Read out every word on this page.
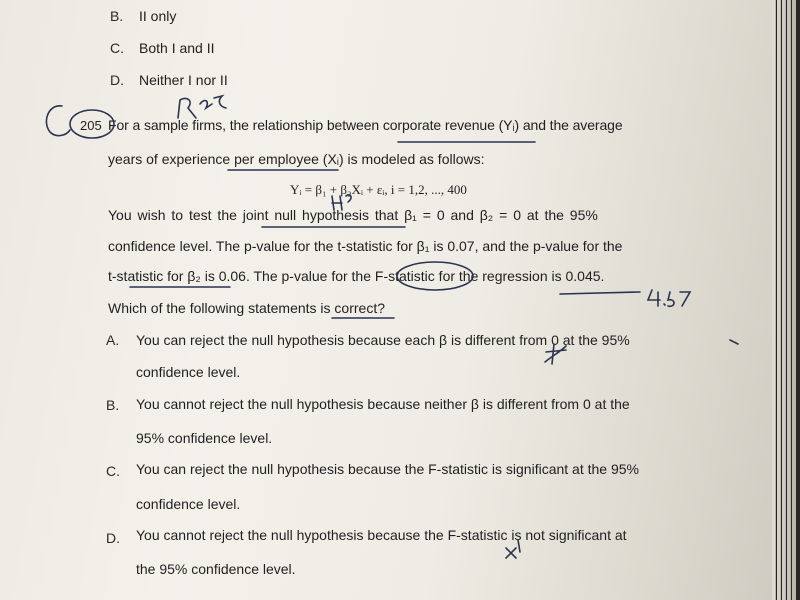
B. II only
C. Both I and II
D. Neither I nor II
205 For a sample firms, the relationship between corporate revenue (Yᵢ) and the average
years of experience per employee (Xᵢ) is modeled as follows:
Yᵢ = β₁ + β₂Xᵢ + εᵢ, i = 1,2, ..., 400
You wish to test the joint null hypothesis that β₁ = 0 and β₂ = 0 at the 95%
confidence level. The p-value for the t-statistic for β₁ is 0.07, and the p-value for the
t-statistic for β₂ is 0.06. The p-value for the F-statistic for the regression is 0.045.
Which of the following statements is correct?
A. You can reject the null hypothesis because each β is different from 0 at the 95%
confidence level.
B. You cannot reject the null hypothesis because neither β is different from 0 at the
95% confidence level.
C. You can reject the null hypothesis because the F-statistic is significant at the 95%
confidence level.
D. You cannot reject the null hypothesis because the F-statistic is not significant at
the 95% confidence level.
